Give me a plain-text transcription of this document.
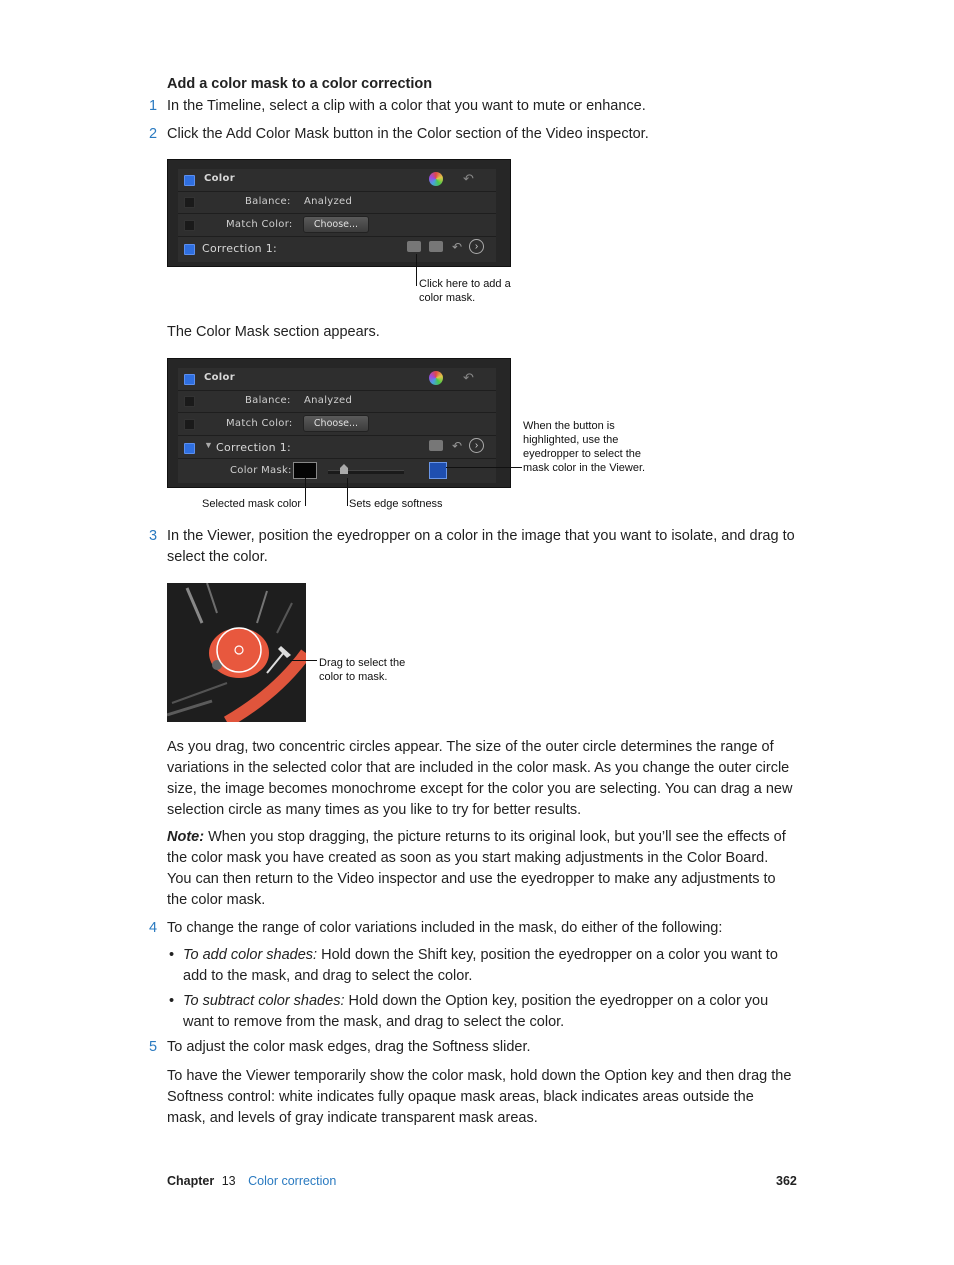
Add a color mask to a color correction
1 In the Timeline, select a clip with a color that you want to mute or enhance.
2 Click the Add Color Mask button in the Color section of the Video inspector.
Color	↶
Balance: Analyzed
Match Color:	Choose...
Correction 1:	↶	›
Click here to add a color mask.
The Color Mask section appears.
Color	↶
Balance: Analyzed
Match Color:	Choose...
▼ Correction 1:	↶	›
Color Mask:
When the button is highlighted, use the eyedropper to select the mask color in the Viewer.
Selected mask color	Sets edge softness
3 In the Viewer, position the eyedropper on a color in the image that you want to isolate, and drag to select the color.
Drag to select the color to mask.
As you drag, two concentric circles appear. The size of the outer circle determines the range of variations in the selected color that are included in the color mask. As you change the outer circle size, the image becomes monochrome except for the color you are selecting. You can drag a new selection circle as many times as you like to try for better results.
Note: When you stop dragging, the picture returns to its original look, but you’ll see the effects of the color mask you have created as soon as you start making adjustments in the Color Board. You can then return to the Video inspector and use the eyedropper to make any adjustments to the color mask.
4 To change the range of color variations included in the mask, do either of the following:
• To add color shades: Hold down the Shift key, position the eyedropper on a color you want to add to the mask, and drag to select the color.
• To subtract color shades: Hold down the Option key, position the eyedropper on a color you want to remove from the mask, and drag to select the color.
5 To adjust the color mask edges, drag the Softness slider.
To have the Viewer temporarily show the color mask, hold down the Option key and then drag the Softness control: white indicates fully opaque mask areas, black indicates areas outside the mask, and levels of gray indicate transparent mask areas.
Chapter 13 Color correction	362
